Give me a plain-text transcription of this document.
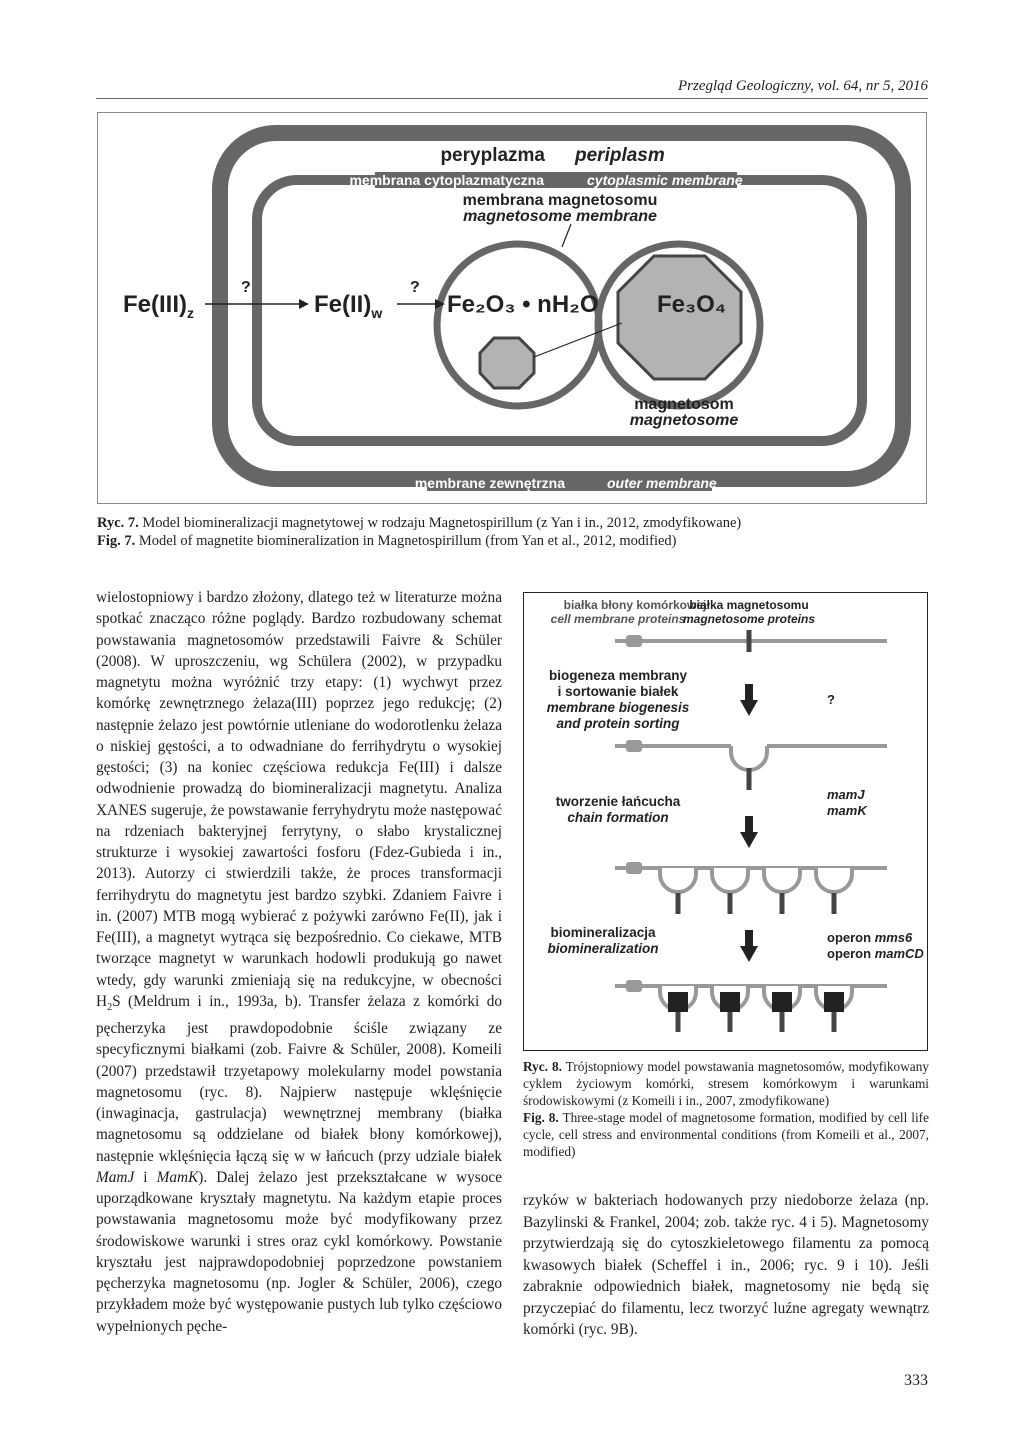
Przegląd Geologiczny, vol. 64, nr 5, 2016
peryplazma periplasm
membrana cytoplazmatyczna	cytoplasmic membrane
membrana magnetosomu
magnetosome membrane
$Fe(III)_z$	$Fe(II)_w$	Fe₂O₃ • nH₂O Fe₃O₄
?	?
magnetosom
magnetosome
membrane zewnętrzna	outer membrane
Ryc. 7. Model biomineralizacji magnetytowej w rodzaju Magnetospirillum (z Yan i in., 2012, zmodyfikowane)
Fig. 7. Model of magnetite biomineralization in Magnetospirillum (from Yan et al., 2012, modified)

wielostopniowy i bardzo złożony, dlatego też w literaturze można spotkać znacząco różne poglądy. Bardzo rozbudowany schemat powstawania magnetosomów przedstawili Faivre & Schüler (2008). W uproszczeniu, wg Schülera (2002), w przypadku magnetytu można wyróżnić trzy etapy: (1) wychwyt przez komórkę zewnętrznego żelaza(III) poprzez jego redukcję; (2) następnie żelazo jest powtórnie utleniane do wodorotlenku żelaza o niskiej gęstości, a to odwadniane do ferrihydrytu o wysokiej gęstości; (3) na koniec częściowa redukcja Fe(III) i dalsze odwodnienie prowadzą do biomineralizacji magnetytu. Analiza XANES sugeruje, że powstawanie ferryhydrytu może następować na rdzeniach bakteryjnej ferrytyny, o słabo krystalicznej strukturze i wysokiej zawartości fosforu (Fdez-Gubieda i in., 2013). Autorzy ci stwierdzili także, że proces transformacji ferrihydrytu do magnetytu jest bardzo szybki. Zdaniem Faivre i in. (2007) MTB mogą wybierać z pożywki zarówno Fe(II), jak i Fe(III), a magnetyt wytrąca się bezpośrednio. Co ciekawe, MTB tworzące magnetyt w warunkach hodowli produkują go nawet wtedy, gdy warunki zmieniają się na redukcyjne, w obecności $H_2S$ (Meldrum i in., 1993a, b). Transfer żelaza z komórki do pęcherzyka jest prawdopodobnie ściśle związany ze specyficznymi białkami (zob. Faivre & Schüler, 2008). Komeili (2007) przedstawił trzyetapowy molekularny model powstania magnetosomu (ryc. 8). Najpierw następuje wklęśnięcie (inwaginacja, gastrulacja) wewnętrznej membrany (białka magnetosomu są oddzielane od białek błony komórkowej), następnie wklęśnięcia łączą się w w łańcuch (przy udziale białek MamJ i MamK). Dalej żelazo jest przekształcane w wysoce uporządkowane kryształy magnetytu. Na każdym etapie proces powstawania magnetosomu może być modyfikowany przez środowiskowe warunki i stres oraz cykl komórkowy. Powstanie kryształu jest najprawdopodobniej poprzedzone powstaniem pęcherzyka magnetosomu (np. Jogler & Schüler, 2006), czego przykładem może być występowanie pustych lub tylko częściowo wypełnionych pęche-

białka błony komórkowej
cell membrane proteins
białka magnetosomu
magnetosome proteins
biogeneza membrany
i sortowanie białek
membrane biogenesis
and protein sorting
?
tworzenie łańcucha
chain formation
mamJ
mamK
biomineralizacja
biomineralization
operon mms6
operon mamCD

Ryc. 8. Trójstopniowy model powstawania magnetosomów, modyfikowany cyklem życiowym komórki, stresem komórkowym i warunkami środowiskowymi (z Komeili i in., 2007, zmodyfikowane)

Fig. 8. Three-stage model of magnetosome formation, modified by cell life cycle, cell stress and environmental conditions (from Komeili et al., 2007, modified)

rzyków w bakteriach hodowanych przy niedoborze żelaza (np. Bazylinski & Frankel, 2004; zob. także ryc. 4 i 5). Magnetosomy przytwierdzają się do cytoszkieletowego filamentu za pomocą kwasowych białek (Scheffel i in., 2006; ryc. 9 i 10). Jeśli zabraknie odpowiednich białek, magnetosomy nie będą się przyczepiać do filamentu, lecz tworzyć luźne agregaty wewnątrz komórki (ryc. 9B).

333
